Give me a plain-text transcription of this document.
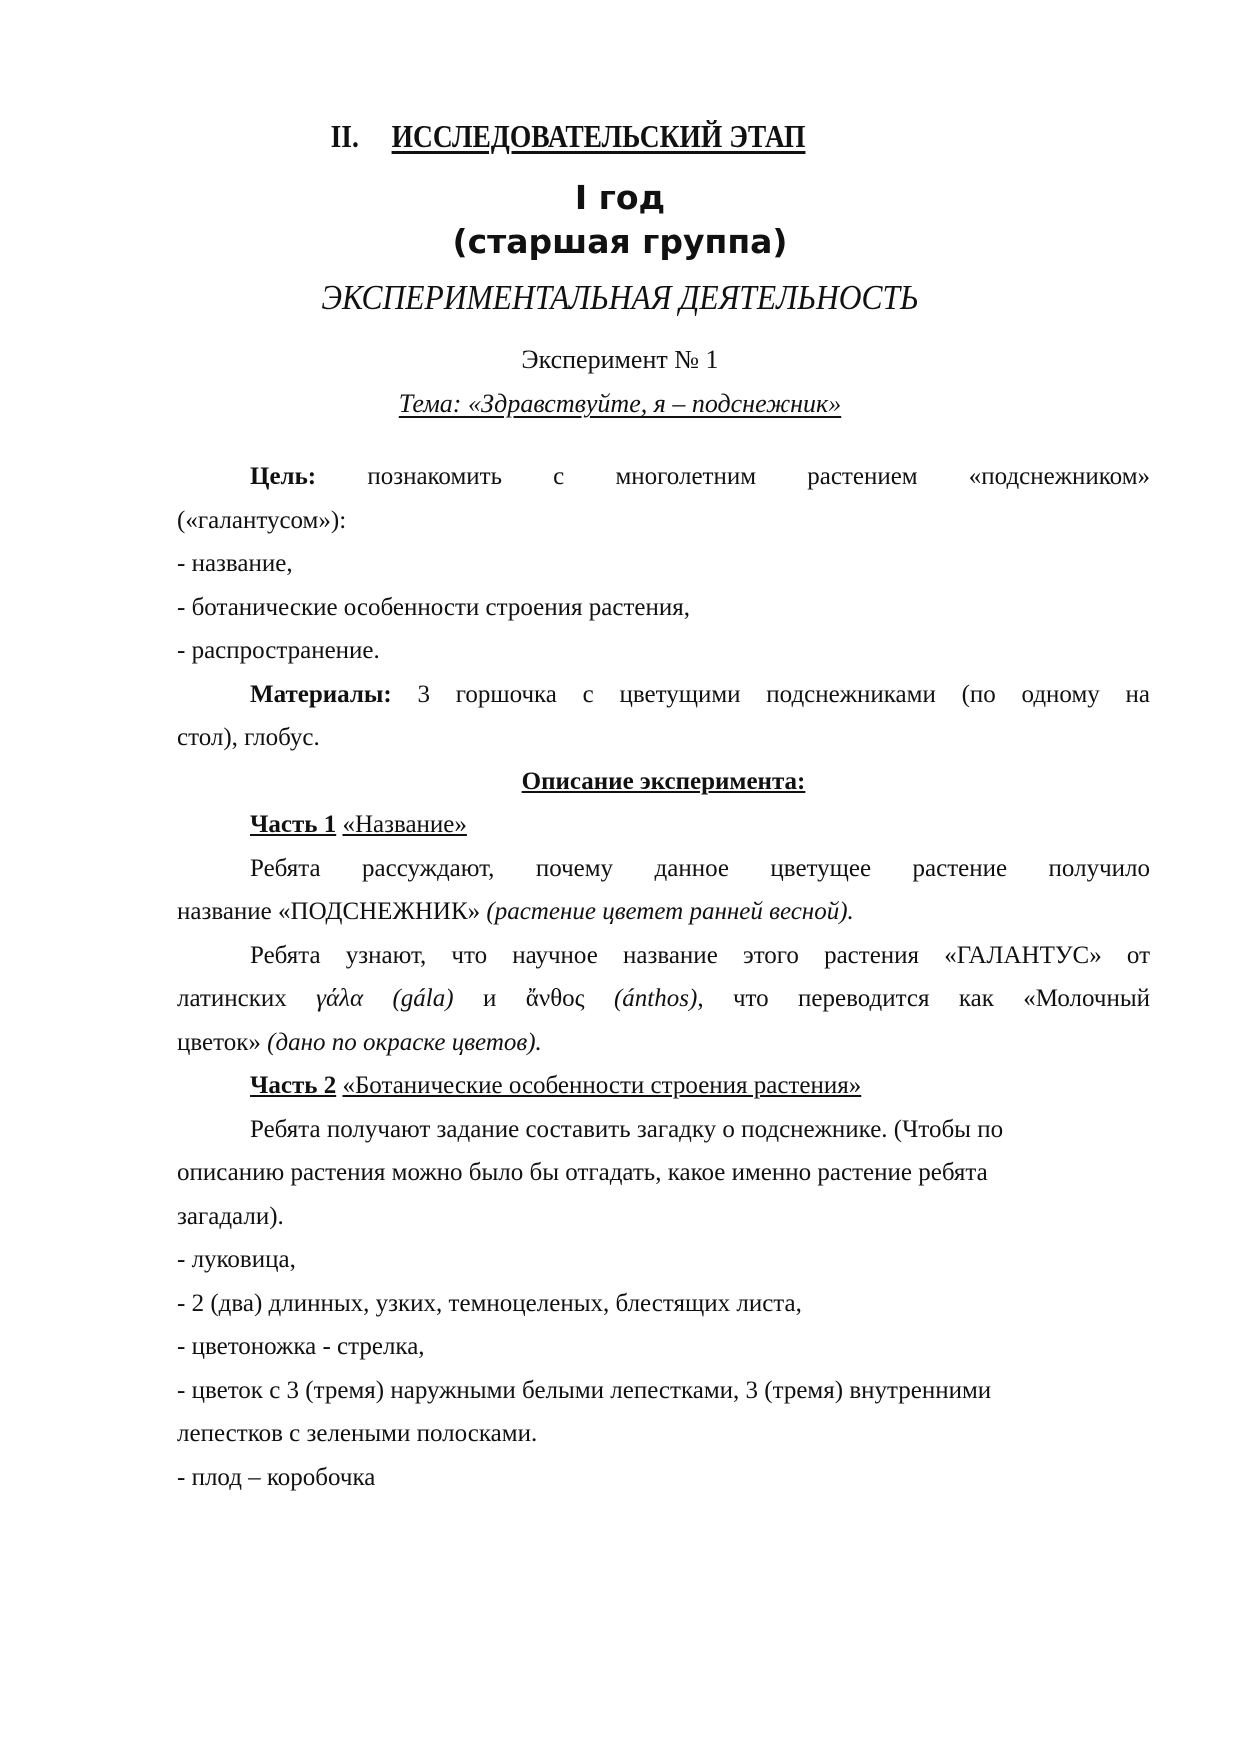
II. ИССЛЕДОВАТЕЛЬСКИЙ ЭТАП
I год
(старшая группа)
ЭКСПЕРИМЕНТАЛЬНАЯ ДЕЯТЕЛЬНОСТЬ
Эксперимент № 1
Тема: «Здравствуйте, я – подснежник»
Цель: познакомить с многолетним растением «подснежником»
(«галантусом»):
- название,
- ботанические особенности строения растения,
- распространение.
Материалы: 3 горшочка с цветущими подснежниками (по одному на
стол), глобус.
Описание эксперимента:
Часть 1 «Название»
Ребята рассуждают, почему данное цветущее растение получило
название «ПОДСНЕЖНИК» (растение цветет ранней весной).
Ребята узнают, что научное название этого растения «ГАЛАНТУС» от
латинских γάλα (gála) и ἄνθος (ánthos), что переводится как «Молочный
цветок» (дано по окраске цветов).
Часть 2 «Ботанические особенности строения растения»
Ребята получают задание составить загадку о подснежнике. (Чтобы по
описанию растения можно было бы отгадать, какое именно растение ребята
загадали).
- луковица,
- 2 (два) длинных, узких, темноцеленых, блестящих листа,
- цветоножка - стрелка,
- цветок с 3 (тремя) наружными белыми лепестками, 3 (тремя) внутренними
лепестков с зелеными полосками.
- плод – коробочка
